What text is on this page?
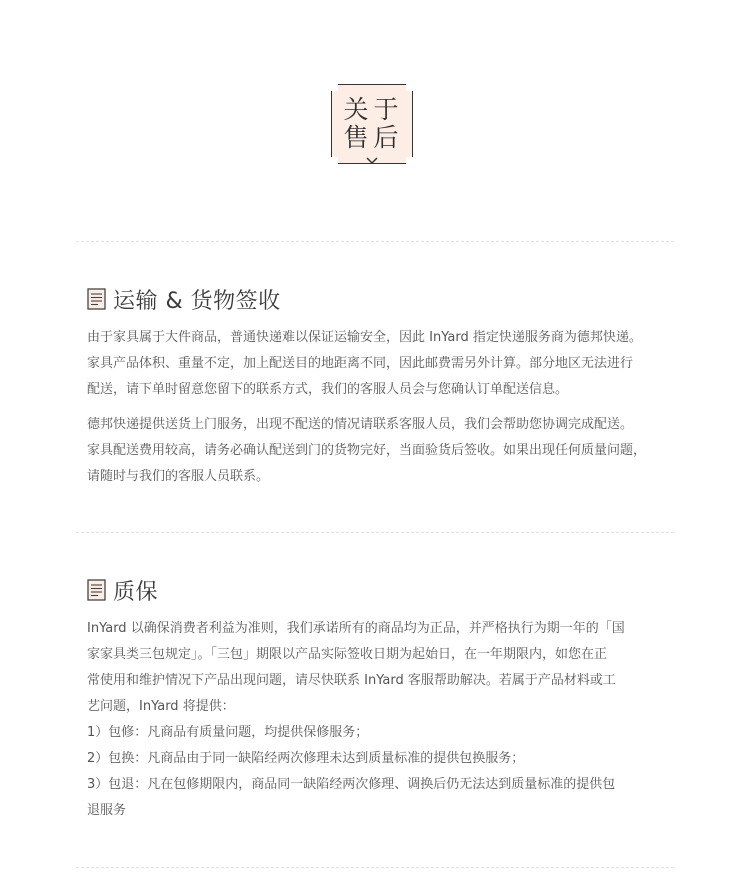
关 于
售 后
运输 & 货物签收
由于家具属于大件商品，普通快递难以保证运输安全，因此 InYard 指定快递服务商为德邦快递。
家具产品体积、重量不定，加上配送目的地距离不同，因此邮费需另外计算。部分地区无法进行
配送，请下单时留意您留下的联系方式，我们的客服人员会与您确认订单配送信息。
德邦快递提供送货上门服务，出现不配送的情况请联系客服人员，我们会帮助您协调完成配送。
家具配送费用较高，请务必确认配送到门的货物完好，当面验货后签收。如果出现任何质量问题，
请随时与我们的客服人员联系。
质保
InYard 以确保消费者利益为准则，我们承诺所有的商品均为正品，并严格执行为期一年的「国
家家具类三包规定」。「三包」期限以产品实际签收日期为起始日，在一年期限内，如您在正
常使用和维护情况下产品出现问题，请尽快联系 InYard 客服帮助解决。若属于产品材料或工
艺问题，InYard 将提供：
1）包修：凡商品有质量问题，均提供保修服务；
2）包换：凡商品由于同一缺陷经两次修理未达到质量标准的提供包换服务；
3）包退：凡在包修期限内，商品同一缺陷经两次修理、调换后仍无法达到质量标准的提供包
退服务
